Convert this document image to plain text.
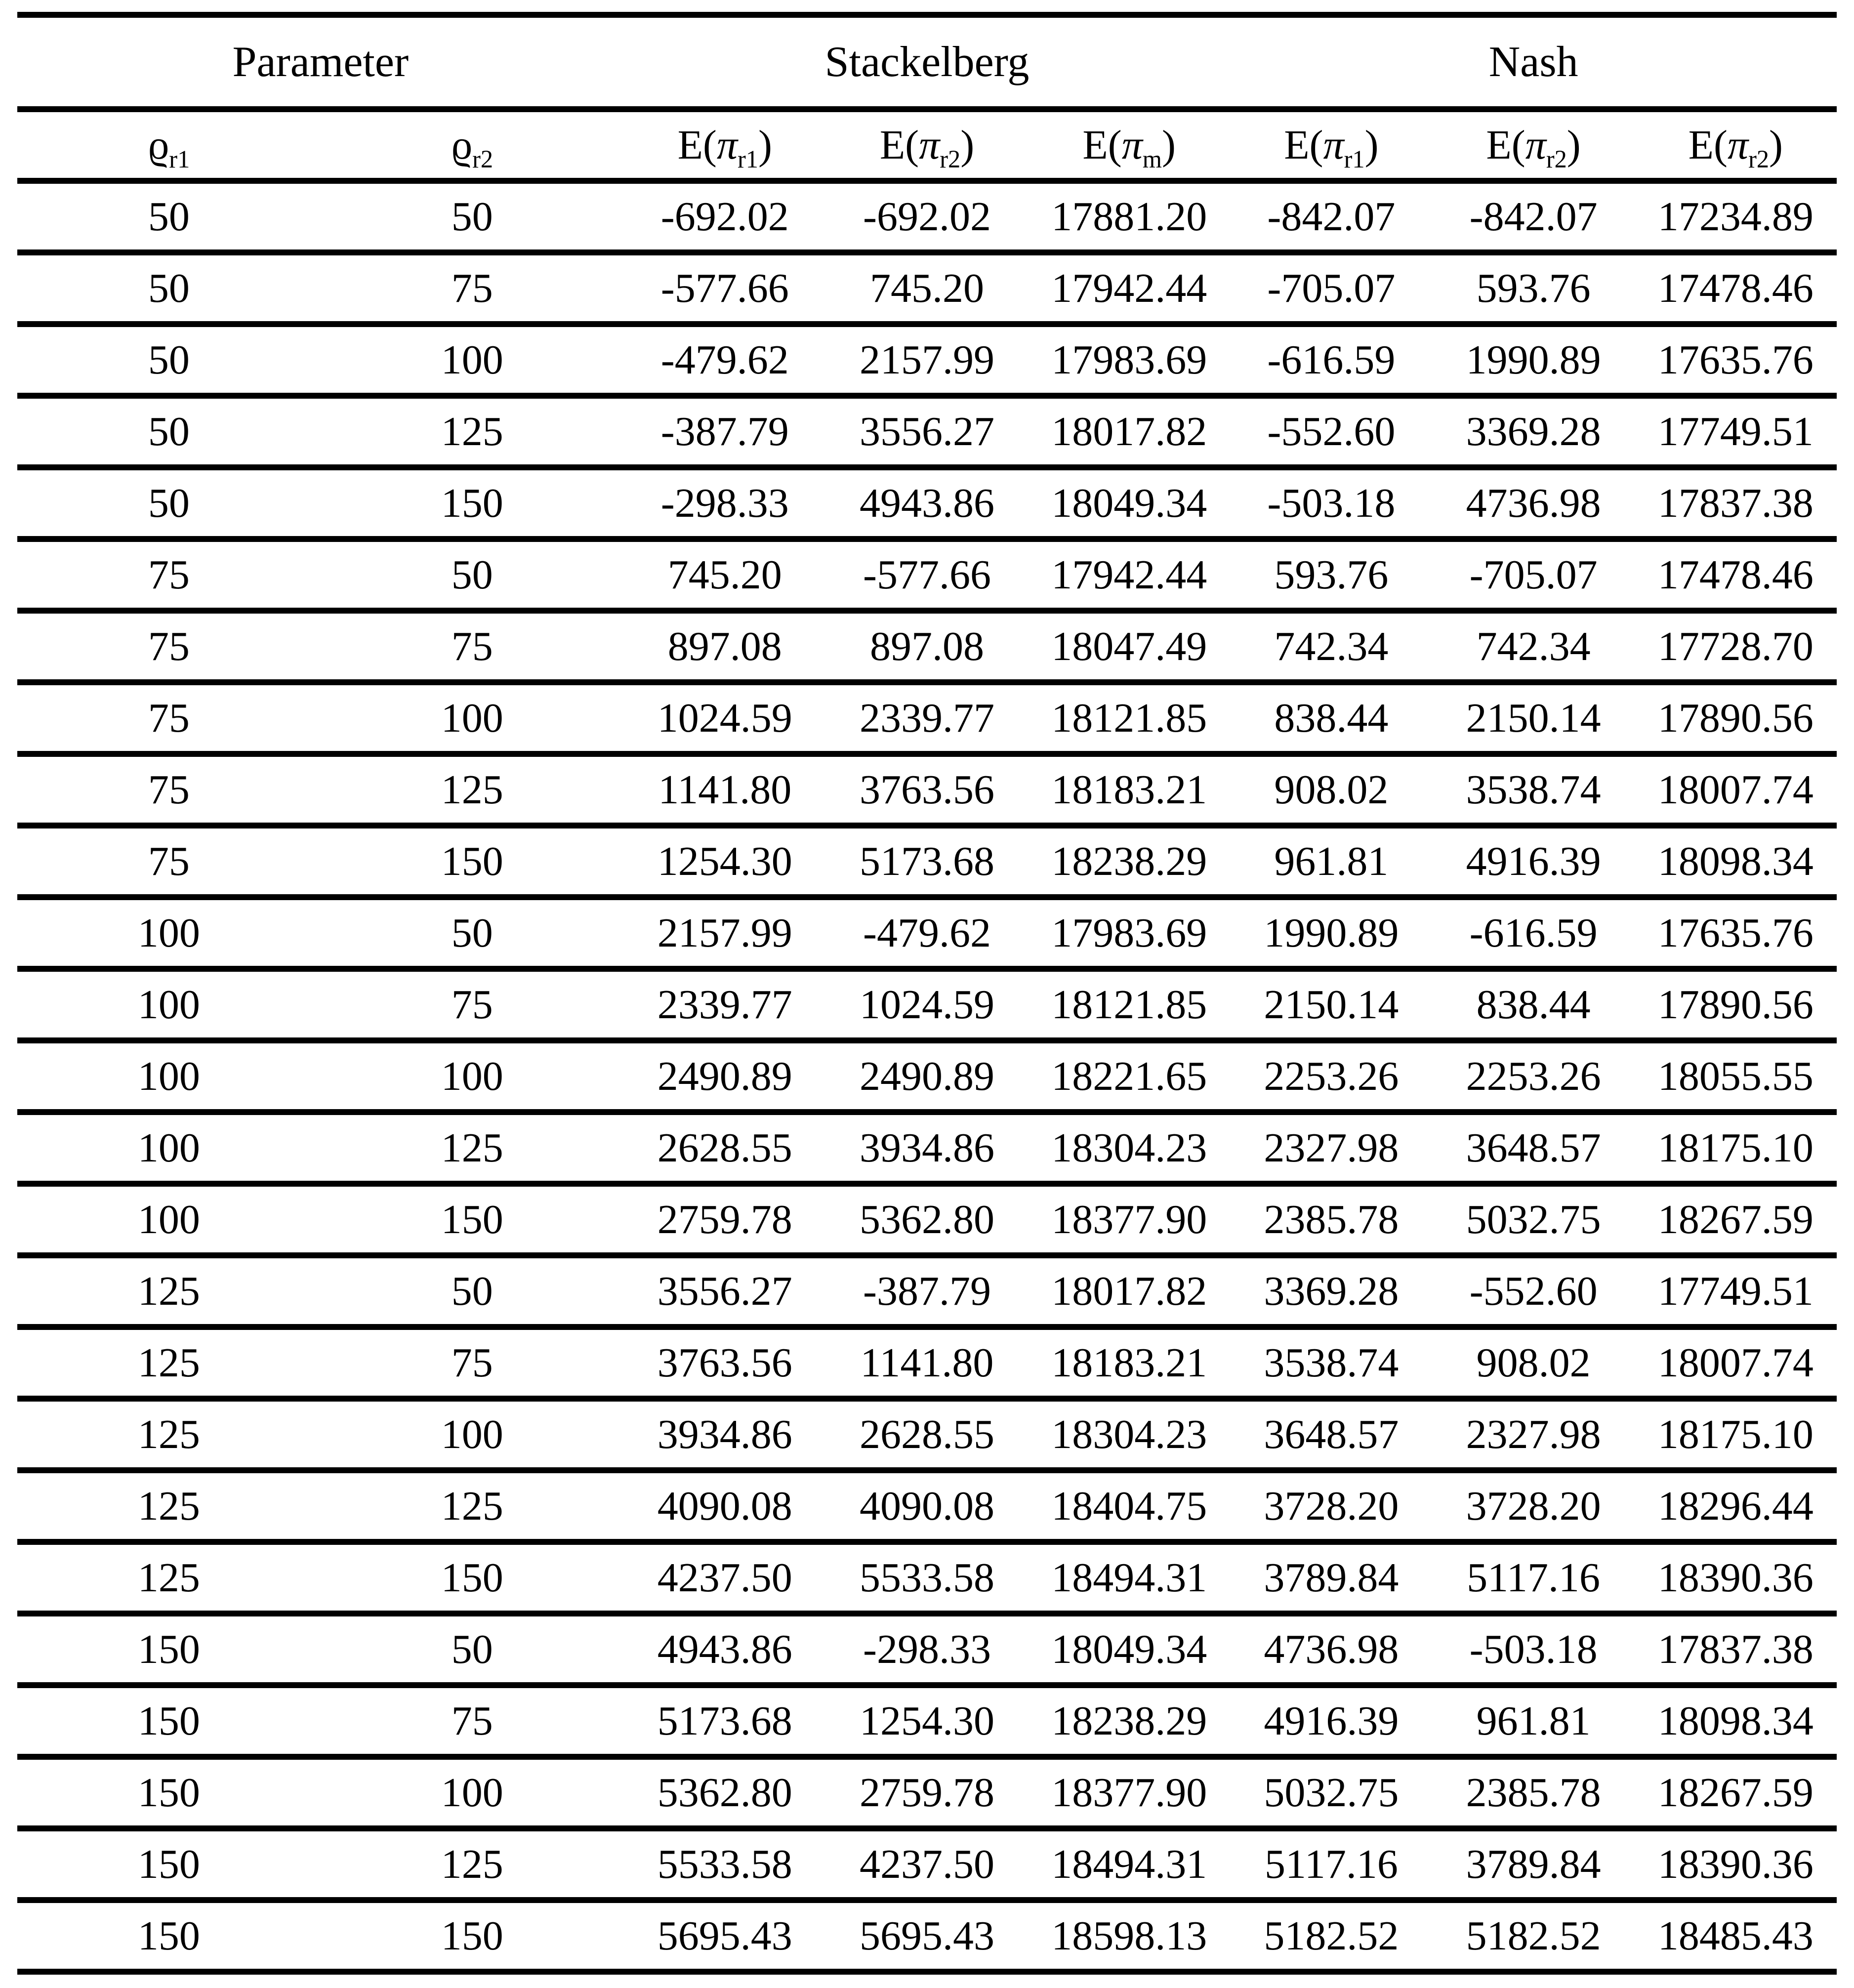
Parameter		Stackelberg			Nash		
$ϱ_{r1}$	$ϱ_{r2}$	$E(\pi_{r1})$	$E(\pi_{r2})$	$E(\pi_m)$	$E(\pi_{r1})$	$E(\pi_{r2})$	$E(\pi_{r2})$
50	50	-692.02	-692.02	17881.20	-842.07	-842.07	17234.89
50	75	-577.66	745.20	17942.44	-705.07	593.76	17478.46
50	100	-479.62	2157.99	17983.69	-616.59	1990.89	17635.76
50	125	-387.79	3556.27	18017.82	-552.60	3369.28	17749.51
50	150	-298.33	4943.86	18049.34	-503.18	4736.98	17837.38
75	50	745.20	-577.66	17942.44	593.76	-705.07	17478.46
75	75	897.08	897.08	18047.49	742.34	742.34	17728.70
75	100	1024.59	2339.77	18121.85	838.44	2150.14	17890.56
75	125	1141.80	3763.56	18183.21	908.02	3538.74	18007.74
75	150	1254.30	5173.68	18238.29	961.81	4916.39	18098.34
100	50	2157.99	-479.62	17983.69	1990.89	-616.59	17635.76
100	75	2339.77	1024.59	18121.85	2150.14	838.44	17890.56
100	100	2490.89	2490.89	18221.65	2253.26	2253.26	18055.55
100	125	2628.55	3934.86	18304.23	2327.98	3648.57	18175.10
100	150	2759.78	5362.80	18377.90	2385.78	5032.75	18267.59
125	50	3556.27	-387.79	18017.82	3369.28	-552.60	17749.51
125	75	3763.56	1141.80	18183.21	3538.74	908.02	18007.74
125	100	3934.86	2628.55	18304.23	3648.57	2327.98	18175.10
125	125	4090.08	4090.08	18404.75	3728.20	3728.20	18296.44
125	150	4237.50	5533.58	18494.31	3789.84	5117.16	18390.36
150	50	4943.86	-298.33	18049.34	4736.98	-503.18	17837.38
150	75	5173.68	1254.30	18238.29	4916.39	961.81	18098.34
150	100	5362.80	2759.78	18377.90	5032.75	2385.78	18267.59
150	125	5533.58	4237.50	18494.31	5117.16	3789.84	18390.36
150	150	5695.43	5695.43	18598.13	5182.52	5182.52	18485.43
